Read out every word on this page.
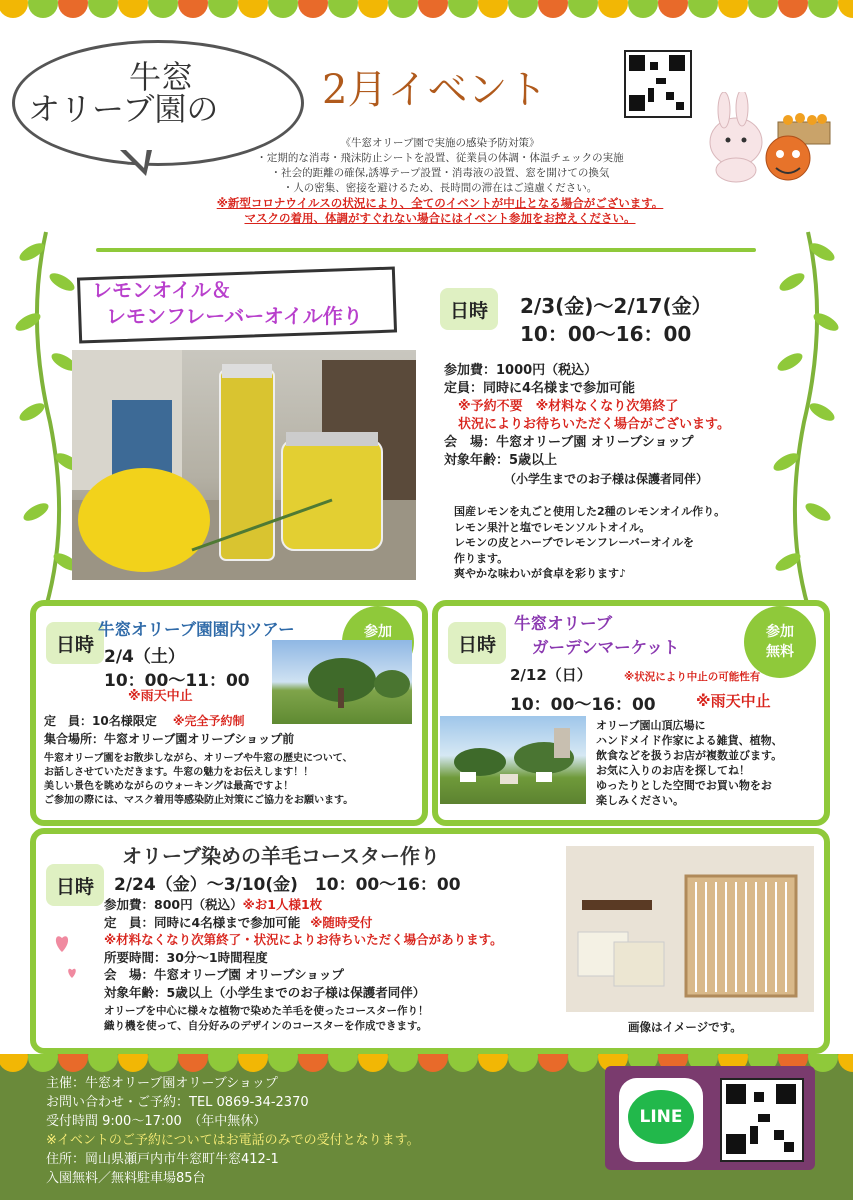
牛窓
オリーブ園の	2月イベント
《牛窓オリーブ園で実施の感染予防対策》
・定期的な消毒・飛沫防止シートを設置、従業員の体調・体温チェックの実施
・社会的距離の確保,誘導テープ設置・消毒液の設置、窓を開けての換気
・人の密集、密接を避けるため、長時間の滞在はご遠慮ください。
※新型コロナウイルスの状況により、全てのイベントが中止となる場合がございます。
マスクの着用、体調がすぐれない場合にはイベント参加をお控えください。
レモンオイル＆
レモンフレーバーオイル作り	日時	2/3(金)～2/17(金）
10：00～16：00
参加費：1000円（税込）
定員：同時に4名様まで参加可能
※予約不要　※材料なくなり次第終了
状況によりお待ちいただく場合がございます。
会　場：牛窓オリーブ園 オリーブショップ
対象年齢：5歳以上
（小学生までのお子様は保護者同伴）
国産レモンを丸ごと使用した2種のレモンオイル作り。
レモン果汁と塩でレモンソルトオイル。
レモンの皮とハーブでレモンフレーバーオイルを
作ります。
爽やかな味わいが食卓を彩ります♪
日時
牛窓オリーブ園園内ツアー	参加
2/4（土）
10：00～11：00
※雨天中止
定　員：10名様限定 ※完全予約制
集合場所：牛窓オリーブ園オリーブショップ前
牛窓オリーブ園をお散歩しながら、オリーブや牛窓の歴史について、
お話しさせていただきます。牛窓の魅力をお伝えします！！
美しい景色を眺めながらのウォーキングは最高ですよ！
ご参加の際には、マスク着用等感染防止対策にご協力をお願います。
日時
牛窓オリーブ
ガーデンマーケット
参加
無料
2/12（日）	※状況により中止の可能性有
10：00～16：00	※雨天中止
オリーブ園山頂広場に
ハンドメイド作家による雑貨、植物、
飲食などを扱うお店が複数並びます。
お気に入りのお店を探してね！
ゆったりとした空間でお買い物をお
楽しみください。
オリーブ染めの羊毛コースター作り
日時	2/24（金）～3/10(金)　10：00～16：00
参加費：800円（税込）※お1人様1枚
定　員：同時に4名様まで参加可能 ※随時受付
※材料なくなり次第終了・状況によりお待ちいただく場合があります。
所要時間：30分～1時間程度
会　場：牛窓オリーブ園 オリーブショップ
対象年齢：5歳以上（小学生までのお子様は保護者同伴）
オリーブを中心に様々な植物で染めた羊毛を使ったコースター作り！
織り機を使って、自分好みのデザインのコースターを作成できます。	画像はイメージです。
主催：牛窓オリーブ園オリーブショップ
お問い合わせ・ご予約：TEL 0869-34-2370
受付時間 9:00～17:00　（年中無休）
※イベントのご予約についてはお電話のみでの受付となります。
住所：岡山県瀬戸内市牛窓町牛窓412-1
入園無料／無料駐車場85台
LINE
